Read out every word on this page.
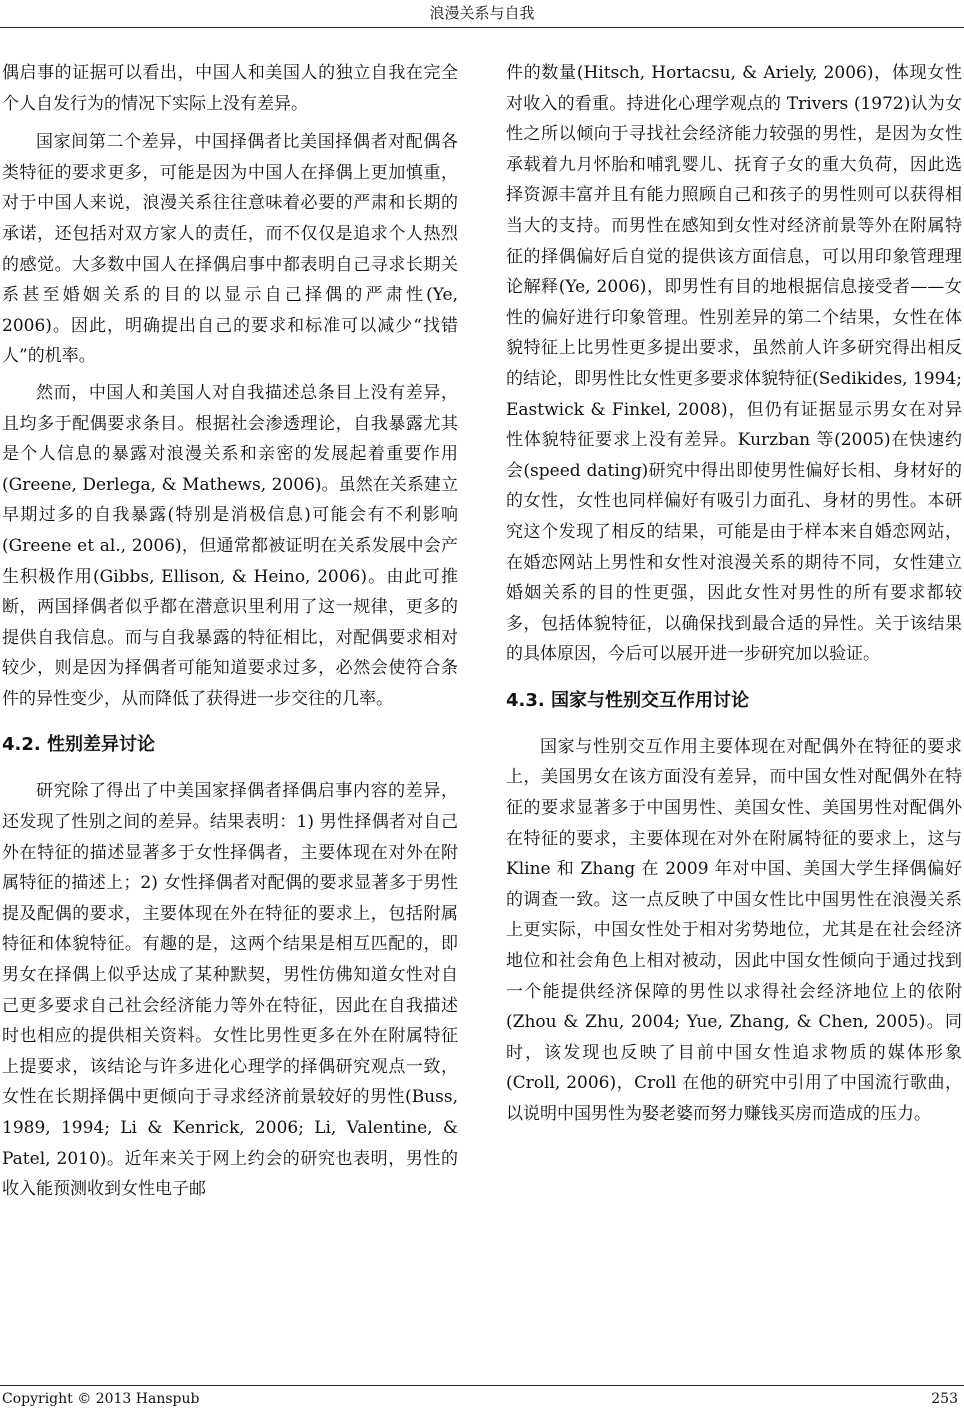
浪漫关系与自我

偶启事的证据可以看出，中国人和美国人的独立自我在完全个人自发行为的情况下实际上没有差异。

国家间第二个差异，中国择偶者比美国择偶者对配偶各类特征的要求更多，可能是因为中国人在择偶上更加慎重，对于中国人来说，浪漫关系往往意味着必要的严肃和长期的承诺，还包括对双方家人的责任，而不仅仅是追求个人热烈的感觉。大多数中国人在择偶启事中都表明自己寻求长期关系甚至婚姻关系的目的以显示自己择偶的严肃性(Ye, 2006)。因此，明确提出自己的要求和标准可以减少“找错人”的机率。

然而，中国人和美国人对自我描述总条目上没有差异，且均多于配偶要求条目。根据社会渗透理论，自我暴露尤其是个人信息的暴露对浪漫关系和亲密的发展起着重要作用(Greene, Derlega, & Mathews, 2006)。虽然在关系建立早期过多的自我暴露(特别是消极信息)可能会有不利影响(Greene et al., 2006)，但通常都被证明在关系发展中会产生积极作用(Gibbs, Ellison, & Heino, 2006)。由此可推断，两国择偶者似乎都在潜意识里利用了这一规律，更多的提供自我信息。而与自我暴露的特征相比，对配偶要求相对较少，则是因为择偶者可能知道要求过多，必然会使符合条件的异性变少，从而降低了获得进一步交往的几率。

4.2. 性别差异讨论

研究除了得出了中美国家择偶者择偶启事内容的差异，还发现了性别之间的差异。结果表明：1) 男性择偶者对自己外在特征的描述显著多于女性择偶者，主要体现在对外在附属特征的描述上；2) 女性择偶者对配偶的要求显著多于男性提及配偶的要求，主要体现在外在特征的要求上，包括附属特征和体貌特征。有趣的是，这两个结果是相互匹配的，即男女在择偶上似乎达成了某种默契，男性仿佛知道女性对自己更多要求自己社会经济能力等外在特征，因此在自我描述时也相应的提供相关资料。女性比男性更多在外在附属特征上提要求，该结论与许多进化心理学的择偶研究观点一致，女性在长期择偶中更倾向于寻求经济前景较好的男性(Buss, 1989, 1994; Li & Kenrick, 2006; Li, Valentine, & Patel, 2010)。近年来关于网上约会的研究也表明，男性的收入能预测收到女性电子邮

件的数量(Hitsch, Hortacsu, & Ariely, 2006)，体现女性对收入的看重。持进化心理学观点的 Trivers (1972)认为女性之所以倾向于寻找社会经济能力较强的男性，是因为女性承载着九月怀胎和哺乳婴儿、抚育子女的重大负荷，因此选择资源丰富并且有能力照顾自己和孩子的男性则可以获得相当大的支持。而男性在感知到女性对经济前景等外在附属特征的择偶偏好后自觉的提供该方面信息，可以用印象管理理论解释(Ye, 2006)，即男性有目的地根据信息接受者——女性的偏好进行印象管理。性别差异的第二个结果，女性在体貌特征上比男性更多提出要求，虽然前人许多研究得出相反的结论，即男性比女性更多要求体貌特征(Sedikides, 1994; Eastwick & Finkel, 2008)，但仍有证据显示男女在对异性体貌特征要求上没有差异。Kurzban 等(2005)在快速约会(speed dating)研究中得出即使男性偏好长相、身材好的的女性，女性也同样偏好有吸引力面孔、身材的男性。本研究这个发现了相反的结果，可能是由于样本来自婚恋网站，在婚恋网站上男性和女性对浪漫关系的期待不同，女性建立婚姻关系的目的性更强，因此女性对男性的所有要求都较多，包括体貌特征，以确保找到最合适的异性。关于该结果的具体原因，今后可以展开进一步研究加以验证。

4.3. 国家与性别交互作用讨论

国家与性别交互作用主要体现在对配偶外在特征的要求上，美国男女在该方面没有差异，而中国女性对配偶外在特征的要求显著多于中国男性、美国女性、美国男性对配偶外在特征的要求，主要体现在对外在附属特征的要求上，这与 Kline 和 Zhang 在 2009 年对中国、美国大学生择偶偏好的调查一致。这一点反映了中国女性比中国男性在浪漫关系上更实际，中国女性处于相对劣势地位，尤其是在社会经济地位和社会角色上相对被动，因此中国女性倾向于通过找到一个能提供经济保障的男性以求得社会经济地位上的依附(Zhou & Zhu, 2004; Yue, Zhang, & Chen, 2005)。同时，该发现也反映了目前中国女性追求物质的媒体形象(Croll, 2006)，Croll 在他的研究中引用了中国流行歌曲，以说明中国男性为娶老婆而努力赚钱买房而造成的压力。

Copyright © 2013 Hanspub	253
